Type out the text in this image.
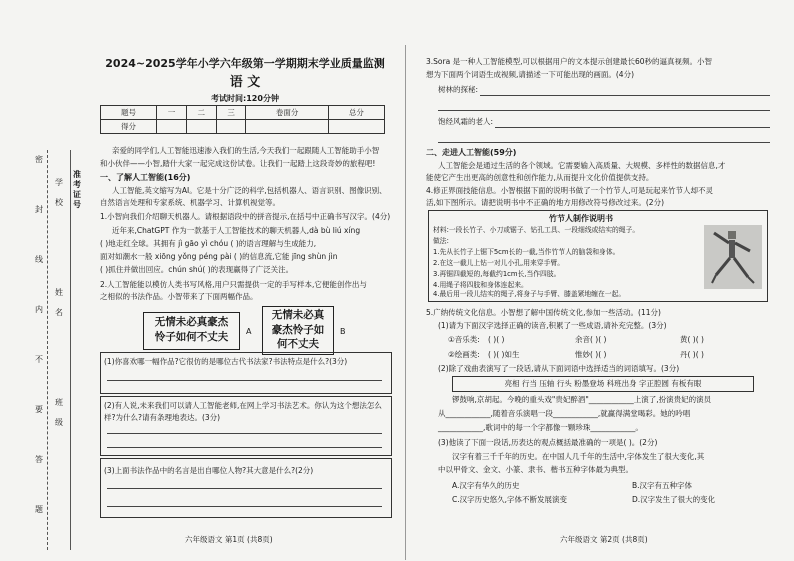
2024~2025学年小学六年级第一学期期末学业质量监测
语 文
考试时间:120分钟
题号	一	二	三	卷面分	总分
得分					
亲爱的同学们,人工智能迅速渗入我们的生活,今天我们一起跟随人工智能助手小智
和小伙伴——小智,踏什大家一起完成这份试卷。让我们一起踏上这段奇妙的旅程吧!
一、了解人工智能(16分)
人工智能,英文缩写为AI。它是十分广泛的科学,包括机器人、语言识别、图像识别、
自然语言处理和专家系统、机器学习、计算机视觉等。
1.小智向我们介绍聊天机器人。请根据语段中的拼音提示,在括号中正确书写汉字。(4分)
近年来,ChatGPT 作为一款基于人工智能技术的聊天机器人,dà bù liú xíng
( )地走红全球。其拥有 jì gāo yì chóu ( )的语言理解与生成能力,
面对如潮水一般 xiōng yǒng péng pài ( )的信息流,它能 jīng shùn jìn
( )抓住并做出回应。chún shú( )的表现赢得了广泛关注。
2.人工智能能以模仿人类书写风格,用户只需提供一定的手写样本,它便能创作出与
之相似的书法作品。小智带来了下面两幅作品。
无情未必真豪杰
怜子如何不丈夫	A
无情未必真
豪杰怜子如
何不丈夫
B
(1)你喜欢哪一幅作品?它很仿的是哪位古代书法家?书法特点是什么?(3分)
(2)有人说,未来我们可以请人工智能老师,在网上学习书法艺术。你认为这个想法怎么
样?为什么?请有条理地表达。(3分)
(3)上面书法作品中的名言是出自哪位人物?其大意是什么?(2分)
六年级语文 第1页 (共8页)
准考证号
学
校
姓
名
班
级
密
封
线
内
不
要
答
题
3.Sora 是一种人工智能模型,可以根据用户的文本提示创建最长60秒的逼真视频。小智
想为下面两个词语生成视频,请描述一下可能出现的画面。(4分)
树林的探秘:
饱经风霜的老人:
二、走进人工智能(59分)
人工智能会是通过生活的各个领域。它需要输入高质量、大规模、多样性的数据信息,才
能使它产生出更高的创意性和创作能力,从而提升文化价值提供支持。
4.修正界面技能信息。小智根据下面的说明书做了一个竹节人,可是玩起来竹节人却不灵
活,如下图所示。请把说明书中不正确的地方用修改符号修改过来。(2分)
竹节人制作说明书
材料:一段长竹子、小刀或锯子、钻孔工具、一段细线或结实的绳子。
做法:
1.先从长竹子上锯下5cm长的一截,当作竹节人的脑袋和身体。
2.在这一截儿上钻一对儿小孔,用来穿手臂。
3.再锯四截短的,每截约1cm长,当作四肢。
4.用绳子将四肢和身体连起来。
4.最后用一段儿结实的绳子,将身子与手臂、膝盖紧地缠在一起。
5.广纳传统文化信息。小智想了解中国传统文化,参加一些活动。(11分)
(1)请为下面汉字选择正确的读音,积累了一些成语,请补充完整。(3分)
①音乐类: ( )( )	余音( )( )	黄( )( )
②绘画类: ( )( )如生	惟妙( )( )	丹( )( )
(2)除了戏曲表演写了一段话,请从下面词语中选择适当的词语填写。(3分)
亮相 行当 压轴 行头 粉墨登场 科班出身 字正腔圆 有板有眼
锣鼓响,京胡起。今晚的重头戏"贵妃醉酒"____________上演了,扮演贵妃的演员
从____________,随着音乐演唱一段____________,就赢得满堂喝彩。她的吟唱
____________,歌词中的每一个字都像一颗珍珠____________。
(3)他读了下面一段话,历表达的观点概括最准确的一项是( )。(2分)
汉字有着三千千年的历史。在中国人几千年的生活中,字体发生了很大变化,其
中以甲骨文、金文、小篆、隶书、楷书五种字体最为典型。
A.汉字有华久的历史	B.汉字有五种字体
C.汉字历史悠久,字体不断发展演变	D.汉字发生了很大的变化
六年级语文 第2页 (共8页)
